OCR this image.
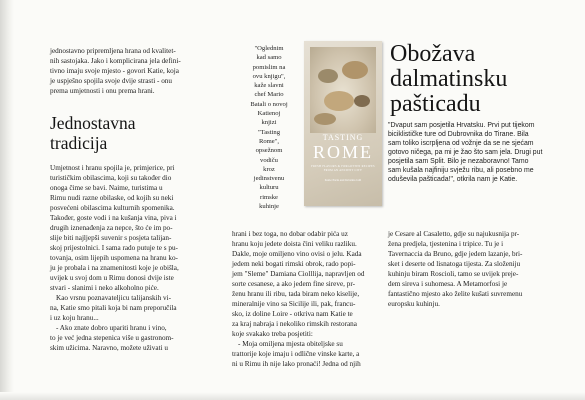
jednostavno pripremljena hrana od kvalitet-
nih sastojaka. Jako i komplicirana jela defini-
tivno imaju svoje mjesto - govori Katie, koja
je uspješno spojila svoje dvije strasti - onu
prema umjetnosti i onu prema hrani.

Jednostavna
tradicija

Umjetnost i hranu spojila je, primjerice, pri
turističkim obilascima, koji su također dio
onoga čime se bavi. Naime, turistima u
Rimu nudi razne obilaske, od kojih su neki
posvećeni obilascima kulturnih spomenika.
Također, goste vodi i na kušanja vina, piva i
drugih iznenađenja za nepce, što će im po-
slije biti najljepši suvenir s posjeta talijan-
skoj prijestolnici. I sama rado putuje te s pu-
tovanja, osim lijepih uspomena na hranu ko-
ju je probala i na znamenitosti koje je obišla,
uvijek u svoj dom u Rimu donosi dvije iste
stvari - slanimi i neko alkoholno piće.

Kao vrsnu poznavateljicu talijanskih vi-
na, Katie smo pitali koja bi nam preporučila
i uz koju hranu...

- Ako znate dobro upariti hranu i vino,
to je već jedna stepenica više u gastronom-
skim užicima. Naravno, možete uživati u

"Oglednim
kad samo
pomislim na
ovu knjigu",
kaže slavni
chef Mario
Batali o novoj
Katienoj
knjizi
"Tasting
Rome",
opsežnom
vodiču
kroz
jedinstvenu
kulturu
rimske
kuhinje
TASTING
ROME
FRESH FLAVORS & FORGOTTEN RECIPES FROM AN ANCIENT CITY
Katie Parla and Kristina Gill
Obožava
dalmatinsku
pašticadu

"Dvaput sam posjetila Hrvatsku. Prvi put tijekom
biciklističke ture od Dubrovnika do Tirane. Bila
sam toliko iscrpljena od vožnje da se ne sjećam
gotovo ničega, pa mi je žao što sam jela. Drugi put
posjetila sam Split. Bilo je nezaboravno! Tamo
sam kušala najfiniju svježu ribu, ali posebno me
oduševila pašticada!", otkrila nam je Katie.

hrani i bez toga, no dobar odabir pića uz
hranu koju jedete doista čini veliku razliku.
Dakle, moje omiljeno vino ovisi o jelu. Kada
jedem neki bogati rimski obrok, rado popi-
jem "Sleme" Damiana Ciolllija, napravljen od
sorte cesanese, a ako jedem fine sireve, pr-
ženu hranu ili ribu, tada biram neko kiselije,
mineralnije vino sa Sicilije ili, pak, francu-
sko, iz doline Loire - otkriva nam Katie te
za kraj nabraja i nekoliko rimskih restorana
koje svakako treba posjetiti:

- Moja omiljena mjesta obiteljske su
trattorije koje imaju i odlične vinske karte, a
ni u Rimu ih nije lako pronaći! Jedna od njih

je Cesare al Casaletto, gdje su najukusnija pr-
žena predjela, tjestenina i tripice. Tu je i
Tavernaccia da Bruno, gdje jedem lazanje, bri-
sket i deserte od lisnatoga tijesta. Za složeniju
kuhinju biram Roscioli, tamo se uvijek preje-
dem sireva i suhomesa. A Metamorfosi je
fantastično mjesto ako želite kušati suvremenu
europsku kuhinju.
